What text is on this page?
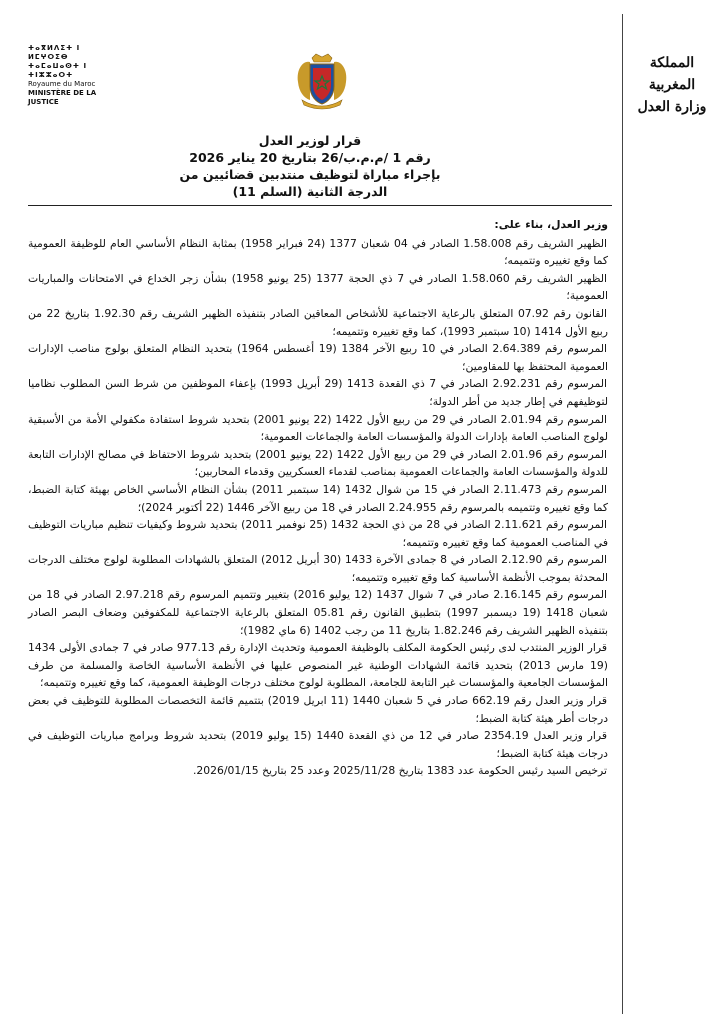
المملكة المغربية
وزارة العدل
ⵜⴰⴳⵍⴷⵉⵜ ⵏ ⵍⵎⵖⵔⵉⴱ
ⵜⴰⵎⴰⵡⴰⵙⵜ ⵏ ⵜⵏⵣⵣⴰⵔⵜ
Royaume du Maroc
MINISTÈRE DE LA JUSTICE
قرار لوزير العدل
رقم 1 /م.م.ب/26 بتاريخ 20 يناير 2026
بإجراء مباراة لتوظيف منتدبين قضائيين من الدرجة الثانية (السلم 11)

وزير العدل، بناء على:

الظهير الشريف رقم 1.58.008 الصادر في 04 شعبان 1377 (24 فبراير 1958) بمثابة النظام الأساسي العام للوظيفة العمومية كما وقع تغييره وتتميمه؛

الظهير الشريف رقم 1.58.060 الصادر في 7 ذي الحجة 1377 (25 يونيو 1958) بشأن زجر الخداع في الامتحانات والمباريات العمومية؛

القانون رقم 07.92 المتعلق بالرعاية الاجتماعية للأشخاص المعاقين الصادر بتنفيذه الظهير الشريف رقم 1.92.30 بتاريخ 22 من ربيع الأول 1414 (10 سبتمبر 1993)، كما وقع تغييره وتتميمه؛

المرسوم رقم 2.64.389 الصادر في 10 ربيع الآخر 1384 (19 أغسطس 1964) بتحديد النظام المتعلق بولوج مناصب الإدارات العمومية المحتفظ بها للمقاومين؛

المرسوم رقم 2.92.231 الصادر في 7 ذي القعدة 1413 (29 أبريل 1993) بإعفاء الموظفين من شرط السن المطلوب نظاميا لتوظيفهم في إطار جديد من أطر الدولة؛

المرسوم رقم 2.01.94 الصادر في 29 من ربيع الأول 1422 (22 يونيو 2001) بتحديد شروط استفادة مكفولي الأمة من الأسبقية لولوج المناصب العامة بإدارات الدولة والمؤسسات العامة والجماعات العمومية؛

المرسوم رقم 2.01.96 الصادر في 29 من ربيع الأول 1422 (22 يونيو 2001) بتحديد شروط الاحتفاظ في مصالح الإدارات التابعة للدولة والمؤسسات العامة والجماعات العمومية بمناصب لقدماء العسكريين وقدماء المحاربين؛

المرسوم رقم 2.11.473 الصادر في 15 من شوال 1432 (14 سبتمبر 2011) بشأن النظام الأساسي الخاص بهيئة كتابة الضبط، كما وقع تغييره وتتميمه بالمرسوم رقم 2.24.955 الصادر في 18 من ربيع الآخر 1446 (22 أكتوبر 2024)؛

المرسوم رقم 2.11.621 الصادر في 28 من ذي الحجة 1432 (25 نوفمبر 2011) بتحديد شروط وكيفيات تنظيم مباريات التوظيف في المناصب العمومية كما وقع تغييره وتتميمه؛

المرسوم رقم 2.12.90 الصادر في 8 جمادى الآخرة 1433 (30 أبريل 2012) المتعلق بالشهادات المطلوبة لولوج مختلف الدرجات المحدثة بموجب الأنظمة الأساسية كما وقع تغييره وتتميمه؛

المرسوم رقم 2.16.145 صادر في 7 شوال 1437 (12 يوليو 2016) بتغيير وتتميم المرسوم رقم 2.97.218 الصادر في 18 من شعبان 1418 (19 ديسمبر 1997) بتطبيق القانون رقم 05.81 المتعلق بالرعاية الاجتماعية للمكفوفين وضعاف البصر الصادر بتنفيذه الظهير الشريف رقم 1.82.246 بتاريخ 11 من رجب 1402 (6 ماي 1982)؛

قرار الوزير المنتدب لدى رئيس الحكومة المكلف بالوظيفة العمومية وتحديث الإدارة رقم 977.13 صادر في 7 جمادى الأولى 1434 (19 مارس 2013) بتحديد قائمة الشهادات الوطنية غير المنصوص عليها في الأنظمة الأساسية الخاصة والمسلمة من طرف المؤسسات الجامعية والمؤسسات غير التابعة للجامعة، المطلوبة لولوج مختلف درجات الوظيفة العمومية، كما وقع تغييره وتتميمه؛

قرار وزير العدل رقم 662.19 صادر في 5 شعبان 1440 (11 ابريل 2019) بتتميم قائمة التخصصات المطلوبة للتوظيف في بعض درجات أطر هيئة كتابة الضبط؛

قرار وزير العدل 2354.19 صادر في 12 من ذي القعدة 1440 (15 يوليو 2019) بتحديد شروط وبرامج مباريات التوظيف في درجات هيئة كتابة الضبط؛

ترخيص السيد رئيس الحكومة عدد 1383 بتاريخ 2025/11/28 وعدد 25 بتاريخ 2026/01/15.
